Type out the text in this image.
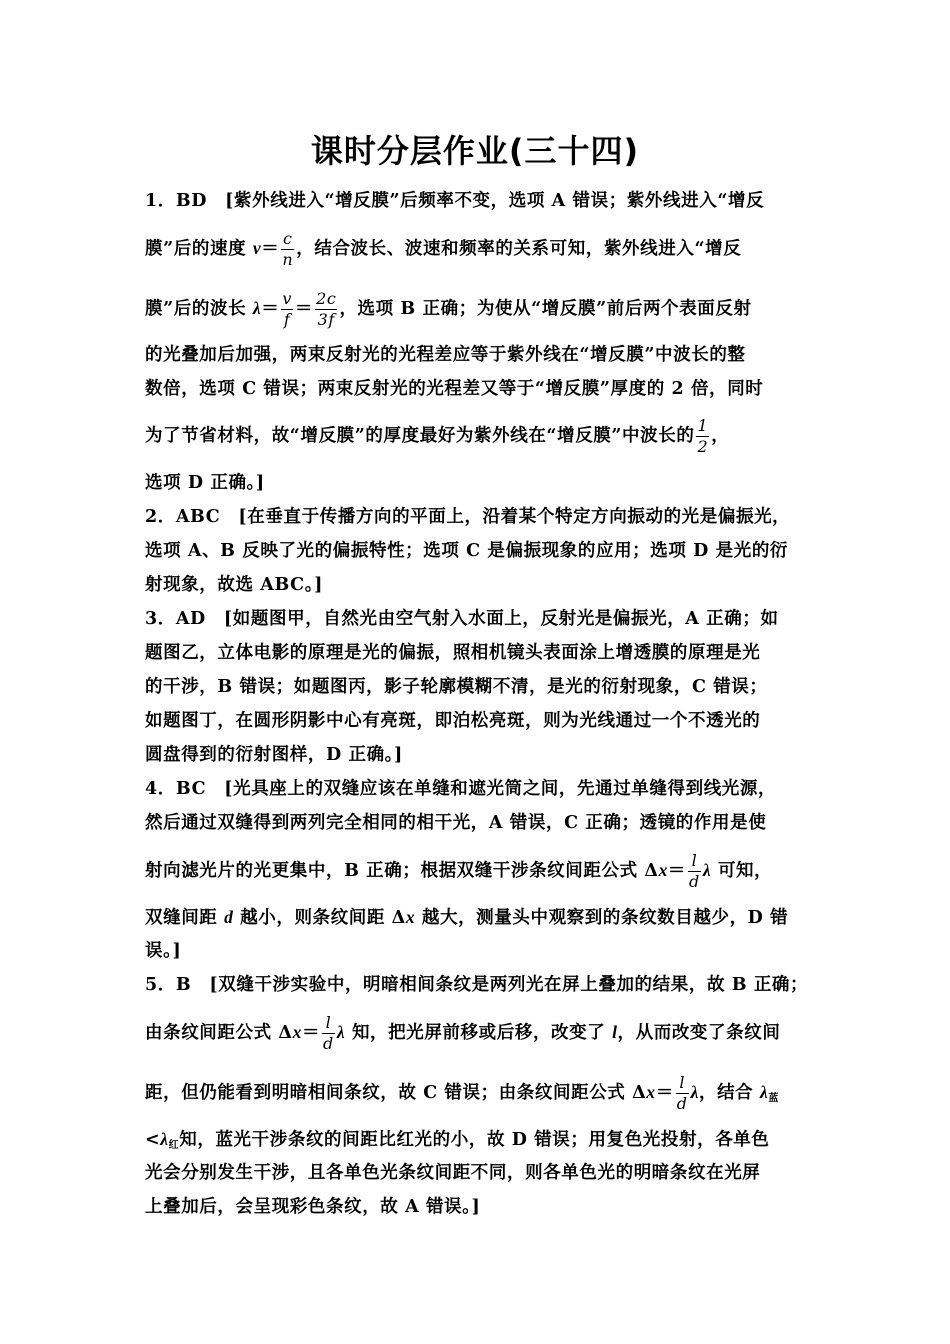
课时分层作业(三十四)
1．BD　[紫外线进入“增反膜”后频率不变，选项 A 错误；紫外线进入“增反
膜”后的速度 $v= \frac{c}{n}$ ，结合波长、波速和频率的关系可知，紫外线进入“增反
膜”后的波长 $\lambda= \frac{v}{f} = \frac{2c}{3f}$ ，选项 B 正确；为使从“增反膜”前后两个表面反射
的光叠加后加强，两束反射光的光程差应等于紫外线在“增反膜”中波长的整
数倍，选项 C 错误；两束反射光的光程差又等于“增反膜”厚度的 2 倍，同时
为了节省材料，故“增反膜”的厚度最好为紫外线在“增反膜”中波长的 $\frac{1}{2}$ ，
选项 D 正确。]
2．ABC　[在垂直于传播方向的平面上，沿着某个特定方向振动的光是偏振光，
选项 A、B 反映了光的偏振特性；选项 C 是偏振现象的应用；选项 D 是光的衍
射现象，故选 ABC。]
3．AD　[如题图甲，自然光由空气射入水面上，反射光是偏振光，A 正确；如
题图乙，立体电影的原理是光的偏振，照相机镜头表面涂上增透膜的原理是光
的干涉，B 错误；如题图丙，影子轮廓模糊不清，是光的衍射现象，C 错误；
如题图丁，在圆形阴影中心有亮斑，即泊松亮斑，则为光线通过一个不透光的
圆盘得到的衍射图样，D 正确。]
4．BC　[光具座上的双缝应该在单缝和遮光筒之间，先通过单缝得到线光源，
然后通过双缝得到两列完全相同的相干光，A 错误，C 正确；透镜的作用是使
射向滤光片的光更集中，B 正确；根据双缝干涉条纹间距公式 $\Delta x= \frac{l}{d}$ λ 可知，
双缝间距 d 越小，则条纹间距 Δx 越大，测量头中观察到的条纹数目越少，D 错
误。]
5．B　[双缝干涉实验中，明暗相间条纹是两列光在屏上叠加的结果，故 B 正确；
由条纹间距公式 $\Delta x= \frac{l}{d}$ λ 知，把光屏前移或后移，改变了 l，从而改变了条纹间
距，但仍能看到明暗相间条纹，故 C 错误；由条纹间距公式 $\Delta x= \frac{l}{d}$ λ，结合 $\lambda_蓝$
$<\lambda_红$知，蓝光干涉条纹的间距比红光的小，故 D 错误；用复色光投射，各单色
光会分别发生干涉，且各单色光条纹间距不同，则各单色光的明暗条纹在光屏
上叠加后，会呈现彩色条纹，故 A 错误。]
